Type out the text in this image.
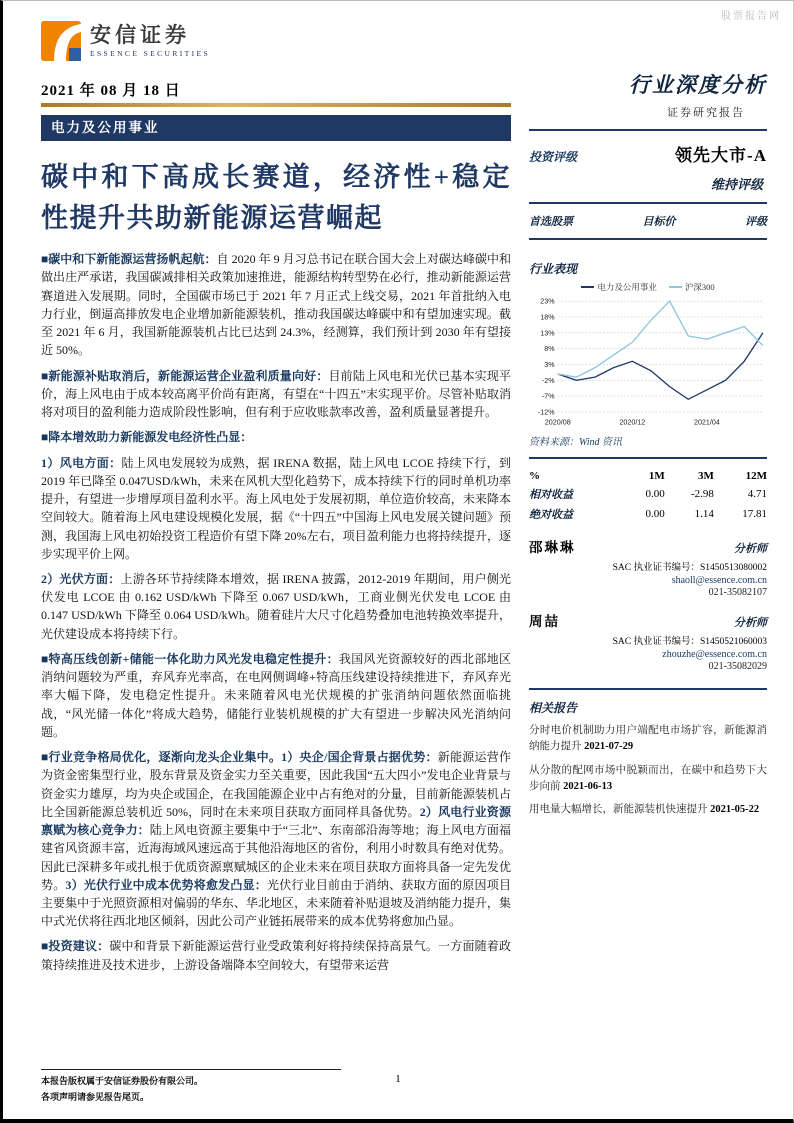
股票报告网
安信证券
ESSENCE SECURITIES
2021 年 08 月 18 日
电力及公用事业
碳中和下高成长赛道，经济性+稳定性提升共助新能源运营崛起

■碳中和下新能源运营扬帆起航：自 2020 年 9 月习总书记在联合国大会上对碳达峰碳中和做出庄严承诺，我国碳减排相关政策加速推进，能源结构转型势在必行，推动新能源运营赛道进入发展期。同时，全国碳市场已于 2021 年 7 月正式上线交易，2021 年首批纳入电力行业，倒逼高排放发电企业增加新能源装机，推动我国碳达峰碳中和有望加速实现。截至 2021 年 6 月，我国新能源装机占比已达到 24.3%，经测算，我们预计到 2030 年有望接近 50%。

■新能源补贴取消后，新能源运营企业盈利质量向好：目前陆上风电和光伏已基本实现平价，海上风电由于成本较高离平价尚有距离，有望在“十四五”末实现平价。尽管补贴取消将对项目的盈利能力造成阶段性影响，但有利于应收账款率改善，盈利质量显著提升。

■降本增效助力新能源发电经济性凸显：

1）风电方面：陆上风电发展较为成熟，据 IRENA 数据，陆上风电 LCOE 持续下行，到 2019 年已降至 0.047USD/kWh，未来在风机大型化趋势下，成本持续下行的同时单机功率提升，有望进一步增厚项目盈利水平。海上风电处于发展初期，单位造价较高，未来降本空间较大。随着海上风电建设规模化发展，据《“十四五”中国海上风电发展关键问题》预测，我国海上风电初始投资工程造价有望下降 20%左右，项目盈利能力也将持续提升，逐步实现平价上网。

2）光伏方面：上游各环节持续降本增效，据 IRENA 披露，2012-2019 年期间，用户侧光伏发电 LCOE 由 0.162 USD/kWh 下降至 0.067 USD/kWh，工商业侧光伏发电 LCOE 由 0.147 USD/kWh 下降至 0.064 USD/kWh。随着硅片大尺寸化趋势叠加电池转换效率提升，光伏建设成本将持续下行。

■特高压线创新+储能一体化助力风光发电稳定性提升：我国风光资源较好的西北部地区消纳问题较为严重，弃风弃光率高，在电网侧调峰+特高压线建设持续推进下，弃风弃光率大幅下降，发电稳定性提升。未来随着风电光伏规模的扩张消纳问题依然面临挑战，“风光储一体化”将成大趋势，储能行业装机规模的扩大有望进一步解决风光消纳问题。

■行业竞争格局优化，逐渐向龙头企业集中。1）央企/国企背景占据优势：新能源运营作为资金密集型行业，股东背景及资金实力至关重要，因此我国“五大四小”发电企业背景与资金实力雄厚，均为央企或国企，在我国能源企业中占有绝对的分量，目前新能源装机占比全国新能源总装机近 50%，同时在未来项目获取方面同样具备优势。2）风电行业资源禀赋为核心竞争力：陆上风电资源主要集中于“三北”、东南部沿海等地；海上风电方面福建省风资源丰富，近海海域风速远高于其他沿海地区的省份，利用小时数具有绝对优势。因此已深耕多年或扎根于优质资源禀赋城区的企业未来在项目获取方面将具备一定先发优势。3）光伏行业中成本优势将愈发凸显：光伏行业目前由于消纳、获取方面的原因项目主要集中于光照资源相对偏弱的华东、华北地区，未来随着补贴退坡及消纳能力提升，集中式光伏将往西北地区倾斜，因此公司产业链拓展带来的成本优势将愈加凸显。

■投资建议：碳中和背景下新能源运营行业受政策利好将持续保持高景气。一方面随着政策持续推进及技术进步，上游设备端降本空间较大，有望带来运营

行业深度分析
证券研究报告
投资评级	领先大市-A
维持评级
首选股票	目标价	评级
行业表现
电力及公用事业	沪深300
23%
18%
13%
8%
3%
-2%
-7%
-12%
2020/08	2020/12	2021/04
资料来源：Wind 资讯
%	1M	3M	12M
相对收益	0.00	-2.98	4.71
绝对收益	0.00	1.14	17.81
邵琳琳	分析师
SAC 执业证书编号：S1450513080002
shaoll@essence.com.cn
021-35082107
周喆	分析师
SAC 执业证书编号：S1450521060003
zhouzhe@essence.com.cn
021-35082029
相关报告
分时电价机制助力用户端配电市场扩容，新能源消纳能力提升 2021-07-29
从分散的配网市场中脱颖而出，在碳中和趋势下大步向前 2021-06-13
用电量大幅增长，新能源装机快速提升 2021-05-22
本报告版权属于安信证券股份有限公司。
各项声明请参见报告尾页。
1
